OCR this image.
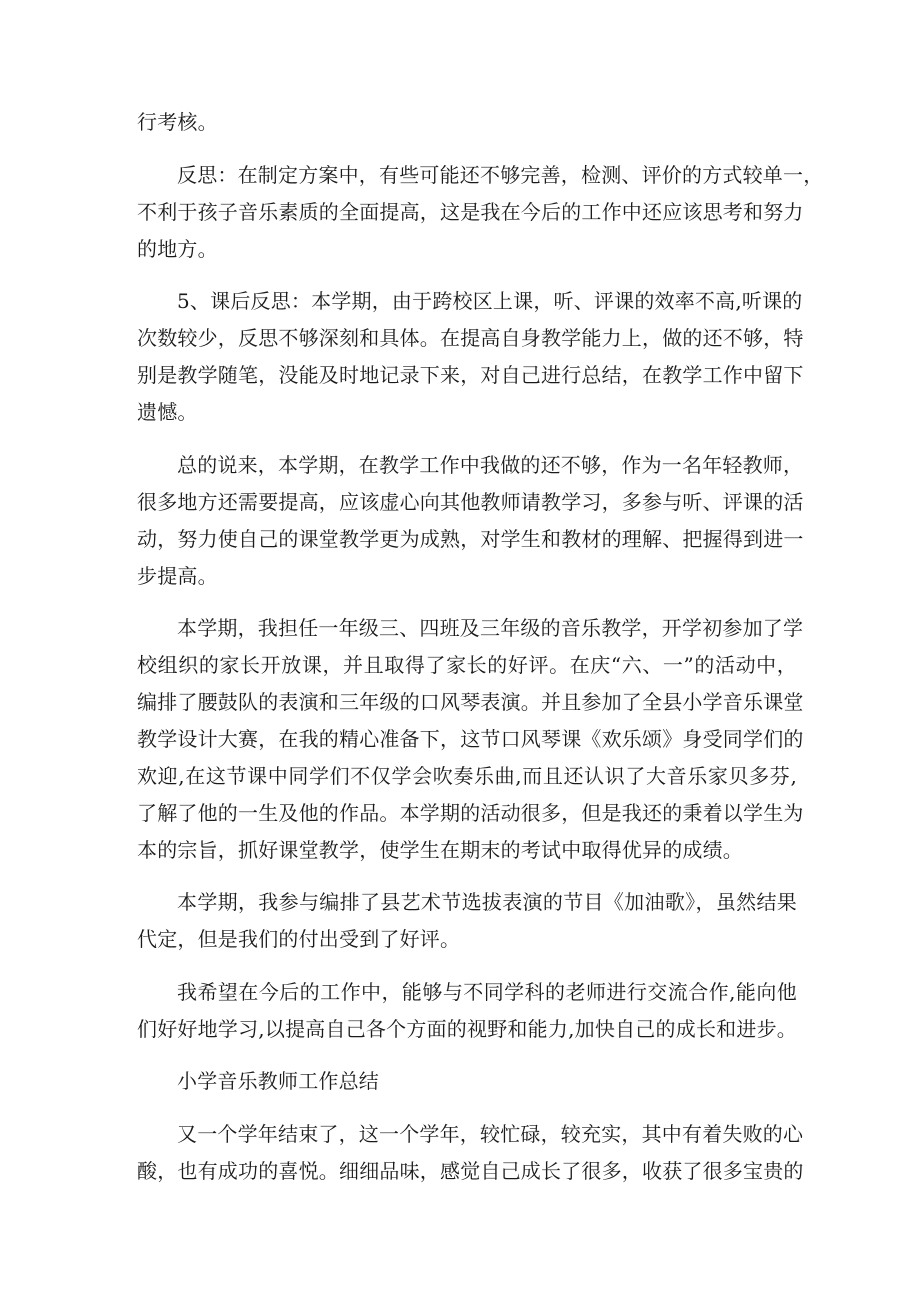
行考核。
反思：在制定方案中，有些可能还不够完善，检测、评价的方式较单一，
不利于孩子音乐素质的全面提高，这是我在今后的工作中还应该思考和努力
的地方。
5、课后反思：本学期，由于跨校区上课，听、评课的效率不高,听课的
次数较少，反思不够深刻和具体。在提高自身教学能力上，做的还不够，特
别是教学随笔，没能及时地记录下来，对自己进行总结，在教学工作中留下
遗憾。
总的说来，本学期，在教学工作中我做的还不够，作为一名年轻教师，
很多地方还需要提高，应该虚心向其他教师请教学习，多参与听、评课的活
动，努力使自己的课堂教学更为成熟，对学生和教材的理解、把握得到进一
步提高。
本学期，我担任一年级三、四班及三年级的音乐教学，开学初参加了学
校组织的家长开放课，并且取得了家长的好评。在庆“六、一”的活动中，
编排了腰鼓队的表演和三年级的口风琴表演。并且参加了全县小学音乐课堂
教学设计大赛，在我的精心准备下，这节口风琴课《欢乐颂》身受同学们的
欢迎,在这节课中同学们不仅学会吹奏乐曲,而且还认识了大音乐家贝多芬,
了解了他的一生及他的作品。本学期的活动很多，但是我还的秉着以学生为
本的宗旨，抓好课堂教学，使学生在期末的考试中取得优异的成绩。
本学期，我参与编排了县艺术节选拔表演的节目《加油歌》，虽然结果
代定，但是我们的付出受到了好评。
我希望在今后的工作中，能够与不同学科的老师进行交流合作,能向他
们好好地学习,以提高自己各个方面的视野和能力,加快自己的成长和进步。
小学音乐教师工作总结
又一个学年结束了，这一个学年，较忙碌，较充实，其中有着失败的心
酸，也有成功的喜悦。细细品味，感觉自己成长了很多，收获了很多宝贵的
